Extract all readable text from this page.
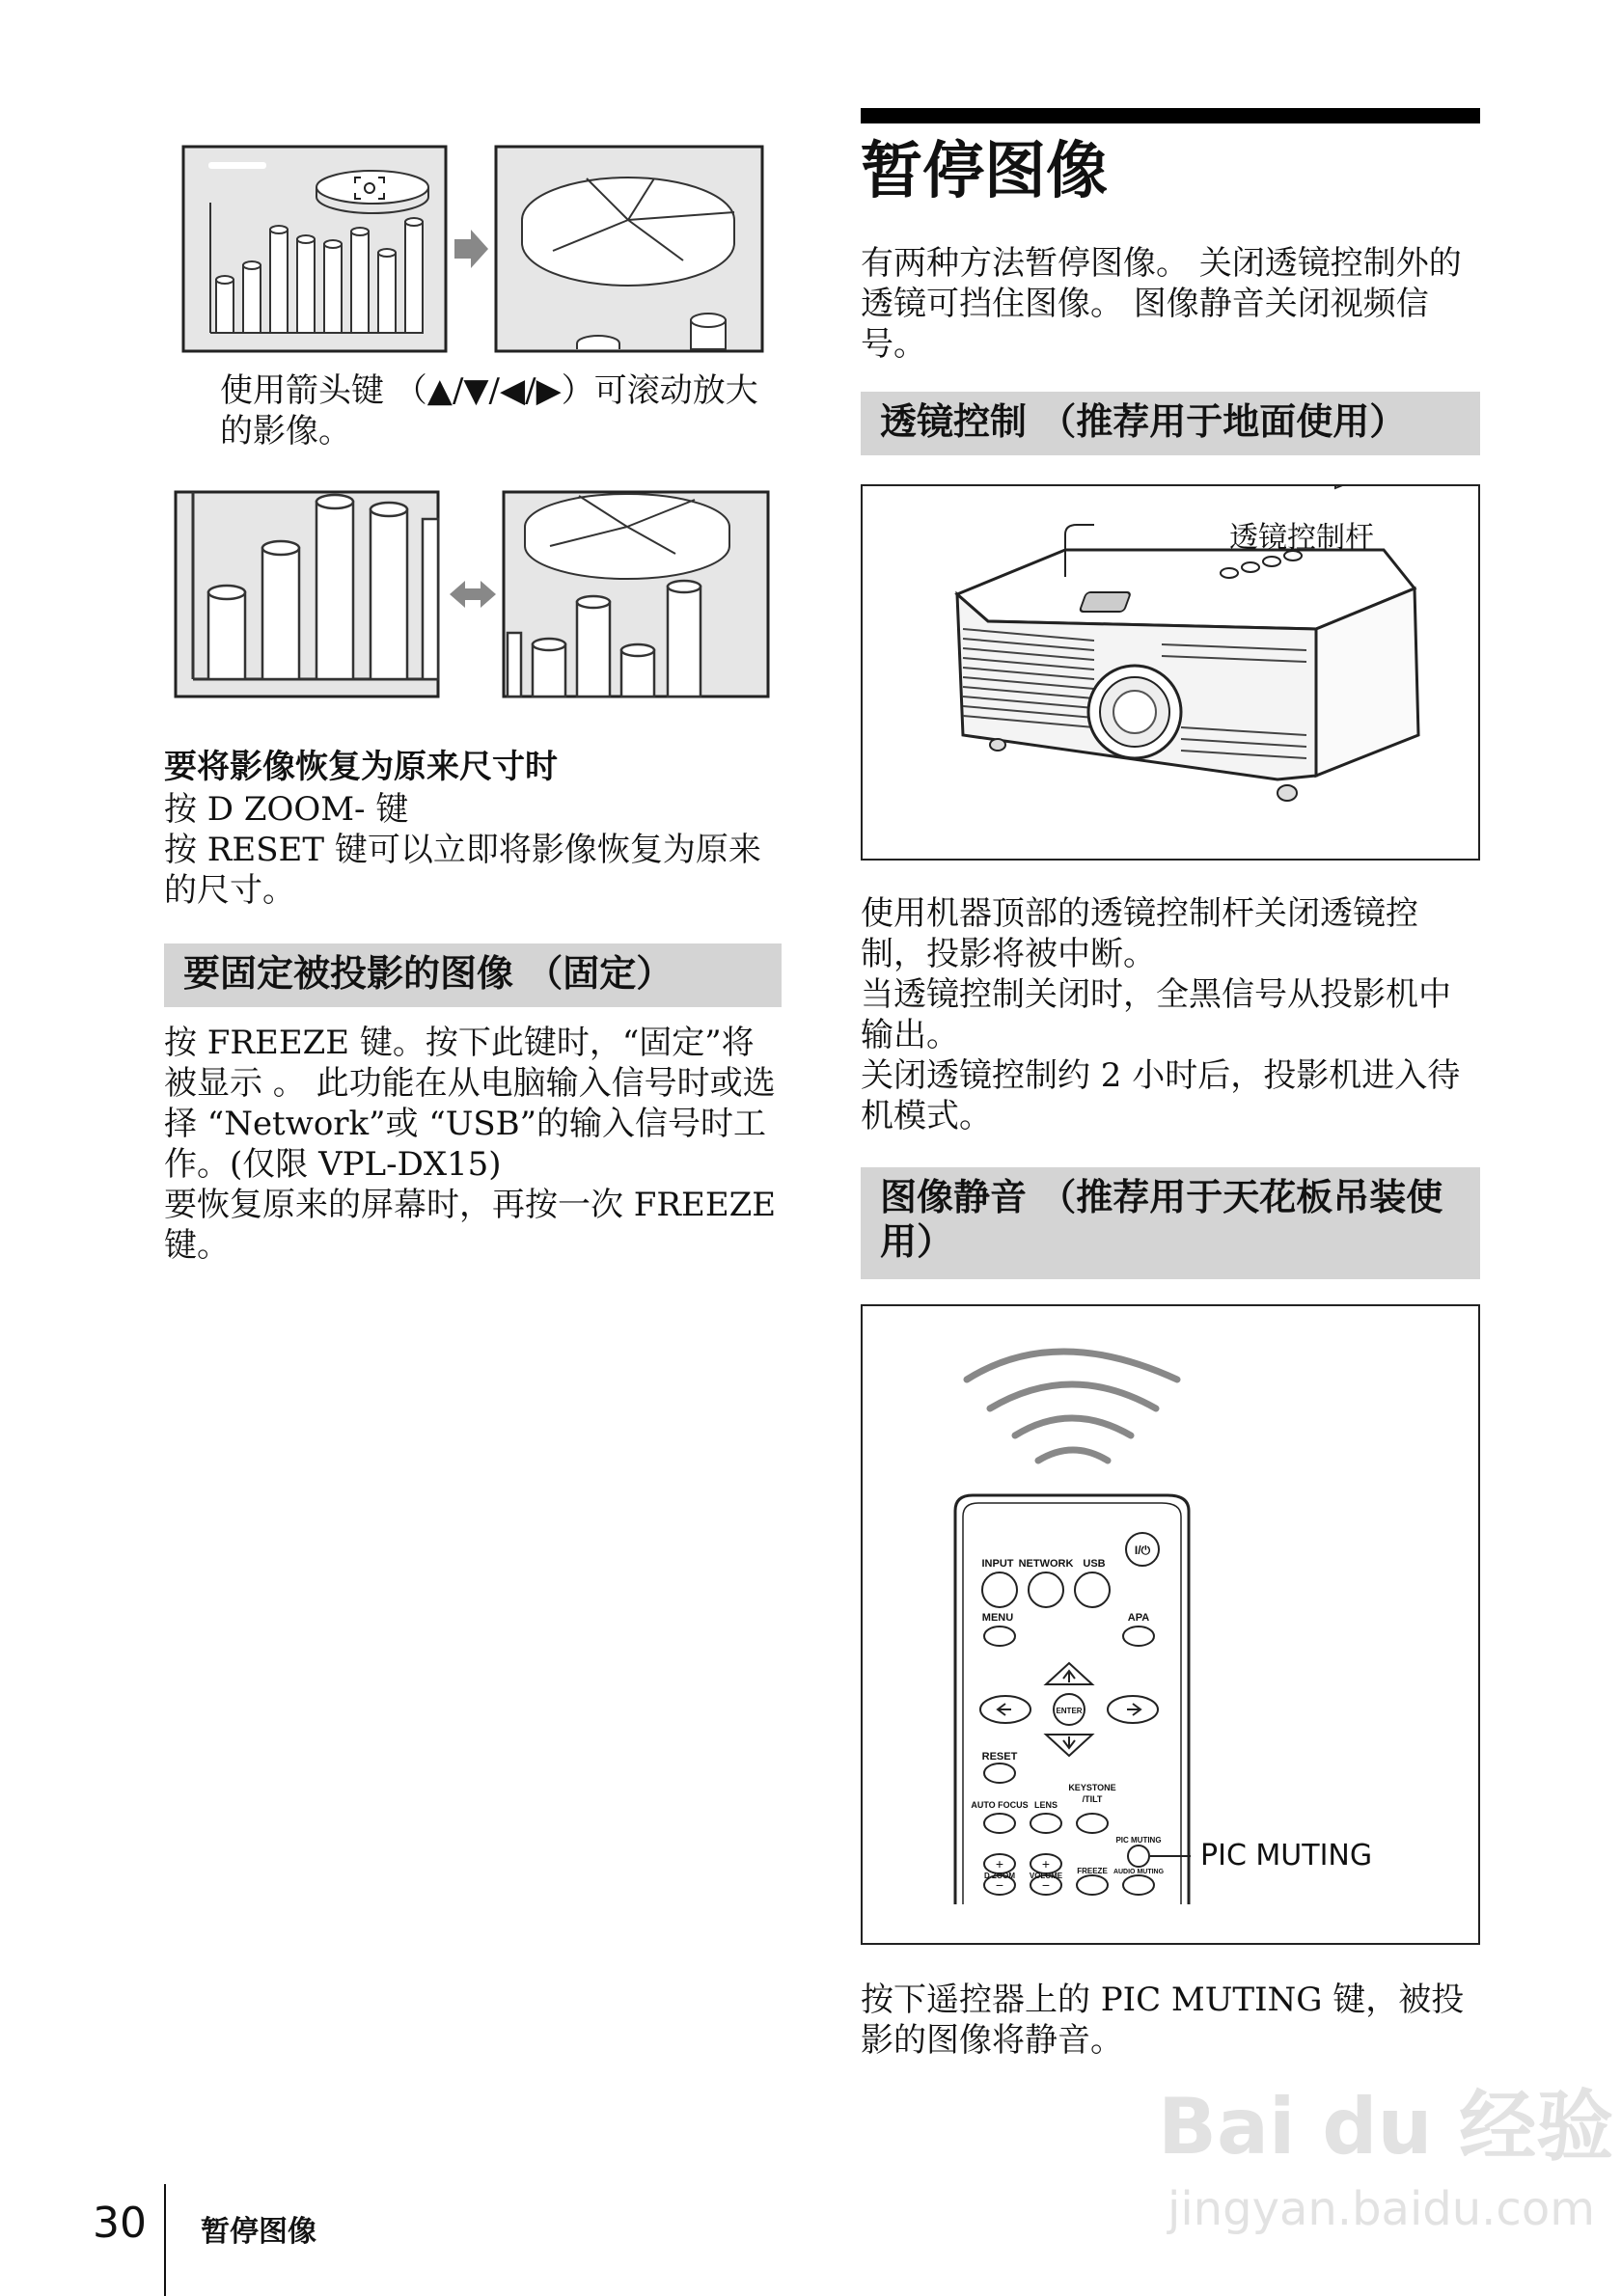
使用箭头键 （▲/▼/◀/▶）可滚动放大的影像。

要将影像恢复为原来尺寸时

按 D ZOOM- 键

按 RESET 键可以立即将影像恢复为原来的尺寸。

要固定被投影的图像 （固定）

按 FREEZE 键。按下此键时，“固定”将被显示 。 此功能在从电脑输入信号时或选择 “Network”或 “USB”的输入信号时工作。(仅限 VPL-DX15)

要恢复原来的屏幕时，再按一次 FREEZE 键。

暂停图像

有两种方法暂停图像。 关闭透镜控制外的透镜可挡住图像。 图像静音关闭视频信号。

透镜控制 （推荐用于地面使用）
透镜控制杆

使用机器顶部的透镜控制杆关闭透镜控制，投影将被中断。

当透镜控制关闭时，全黑信号从投影机中输出。

关闭透镜控制约 2 小时后，投影机进入待机模式。

图像静音 （推荐用于天花板吊装使用）
I/⏻
INPUT NETWORK USB
MENU	APA
ENTER
RESET
KEYSTONE
/TILT
AUTO FOCUS LENS
PIC MUTING
+	+
−	−
D ZOOM VOLUME
FREEZE AUDIO MUTING PIC MUTING

按下遥控器上的 PIC MUTING 键，被投影的图像将静音。

30 暂停图像
Bai du 经验
jingyan.baidu.com
